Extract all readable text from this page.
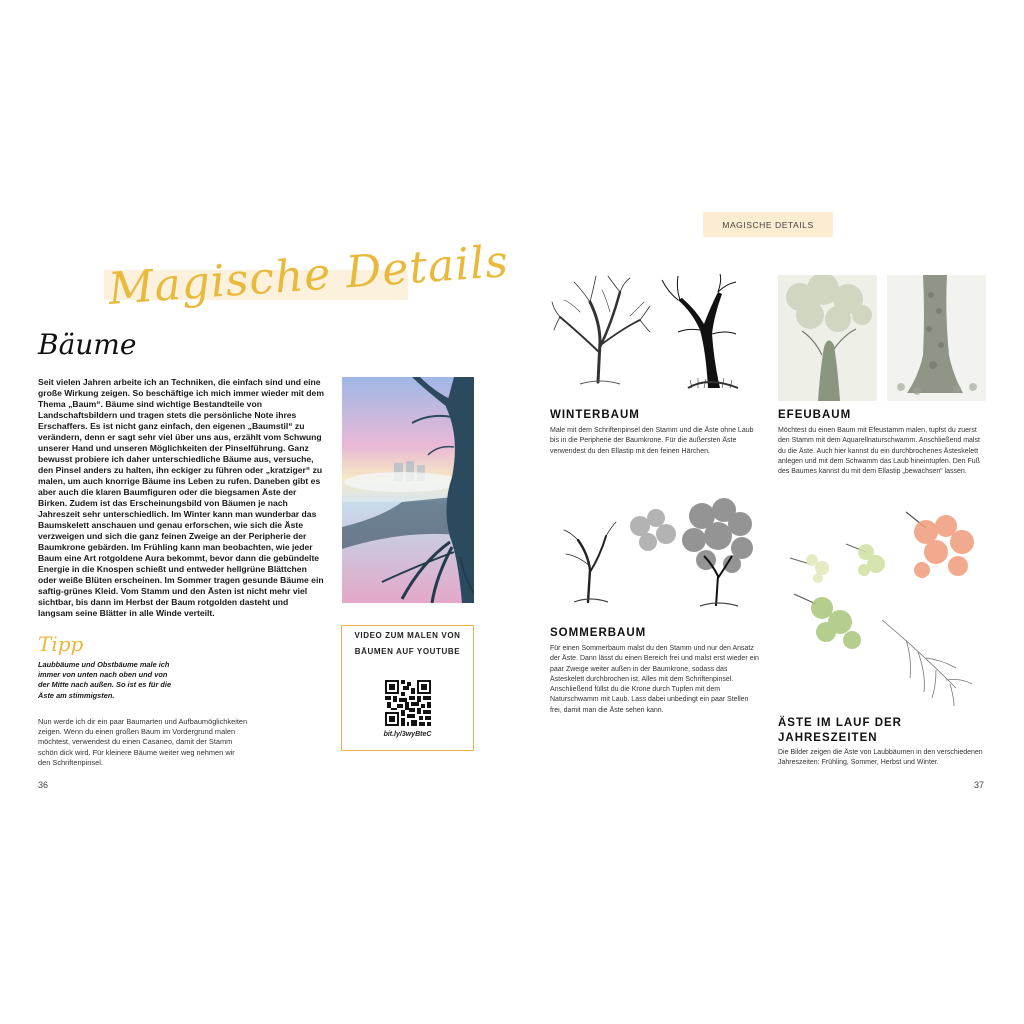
Magische Details
Bäume

Seit vielen Jahren arbeite ich an Techniken, die einfach sind und eine große Wirkung zeigen. So beschäftige ich mich immer wieder mit dem Thema „Baum“. Bäume sind wichtige Bestandteile von Landschaftsbildern und tragen stets die persönliche Note ihres Erschaffers. Es ist nicht ganz einfach, den eigenen „Baumstil“ zu verändern, denn er sagt sehr viel über uns aus, erzählt vom Schwung unserer Hand und unseren Möglichkeiten der Pinselführung. Ganz bewusst probiere ich daher unterschiedliche Bäume aus, versuche, den Pinsel anders zu halten, ihn eckiger zu führen oder „kratziger“ zu malen, um auch knorrige Bäume ins Leben zu rufen. Daneben gibt es aber auch die klaren Baumfiguren oder die biegsamen Äste der Birken. Zudem ist das Erscheinungsbild von Bäumen je nach Jahreszeit sehr unterschiedlich. Im Winter kann man wunderbar das Baumskelett anschauen und genau erforschen, wie sich die Äste verzweigen und sich die ganz feinen Zweige an der Peripherie der Baumkrone gebärden. Im Frühling kann man beobachten, wie jeder Baum eine Art rotgoldene Aura bekommt, bevor dann die gebündelte Energie in die Knospen schießt und entweder hellgrüne Blättchen oder weiße Blüten erscheinen. Im Sommer tragen gesunde Bäume ein saftig-grünes Kleid. Vom Stamm und den Ästen ist nicht mehr viel sichtbar, bis dann im Herbst der Baum rotgolden dasteht und langsam seine Blätter in alle Winde verteilt.

Tipp

Laubbäume und Obstbäume male ich immer von unten nach oben und von der Mitte nach außen. So ist es für die Äste am stimmigsten.

Nun werde ich dir ein paar Baumarten und Aufbaumöglichkeiten zeigen. Wenn du einen großen Baum im Vordergrund malen möchtest, verwendest du einen Casaneo, damit der Stamm schön dick wird. Für kleinere Bäume weiter weg nehmen wir den Schriftenpinsel.

VIDEO ZUM MALEN VON BÄUMEN AUF YOUTUBE
bit.ly/3wyBteC
36
MAGISCHE DETAILS
WINTERBAUM

Male mit dem Schriftenpinsel den Stamm und die Äste ohne Laub bis in die Peripherie der Baumkrone. Für die äußersten Äste verwendest du den Ellastip mit den feinen Härchen.

EFEUBAUM

Möchtest du einen Baum mit Efeustamm malen, tupfst du zuerst den Stamm mit dem Aquarellnaturschwamm. Anschließend malst du die Äste. Auch hier kannst du ein durchbrochenes Ästeskelett anlegen und mit dem Schwamm das Laub hineintupfen. Den Fuß des Baumes kannst du mit dem Ellastip „bewachsen“ lassen.

SOMMERBAUM

Für einen Sommerbaum malst du den Stamm und nur den Ansatz der Äste. Dann lässt du einen Bereich frei und malst erst wieder ein paar Zweige weiter außen in der Baumkrone, sodass das Ästeskelett durchbrochen ist. Alles mit dem Schriftenpinsel. Anschließend füllst du die Krone durch Tupfen mit dem Naturschwamm mit Laub. Lass dabei unbedingt ein paar Stellen frei, damit man die Äste sehen kann.

ÄSTE IM LAUF DER JAHRESZEITEN

Die Bilder zeigen die Äste von Laubbäumen in den verschiedenen Jahreszeiten: Frühling, Sommer, Herbst und Winter.

37
